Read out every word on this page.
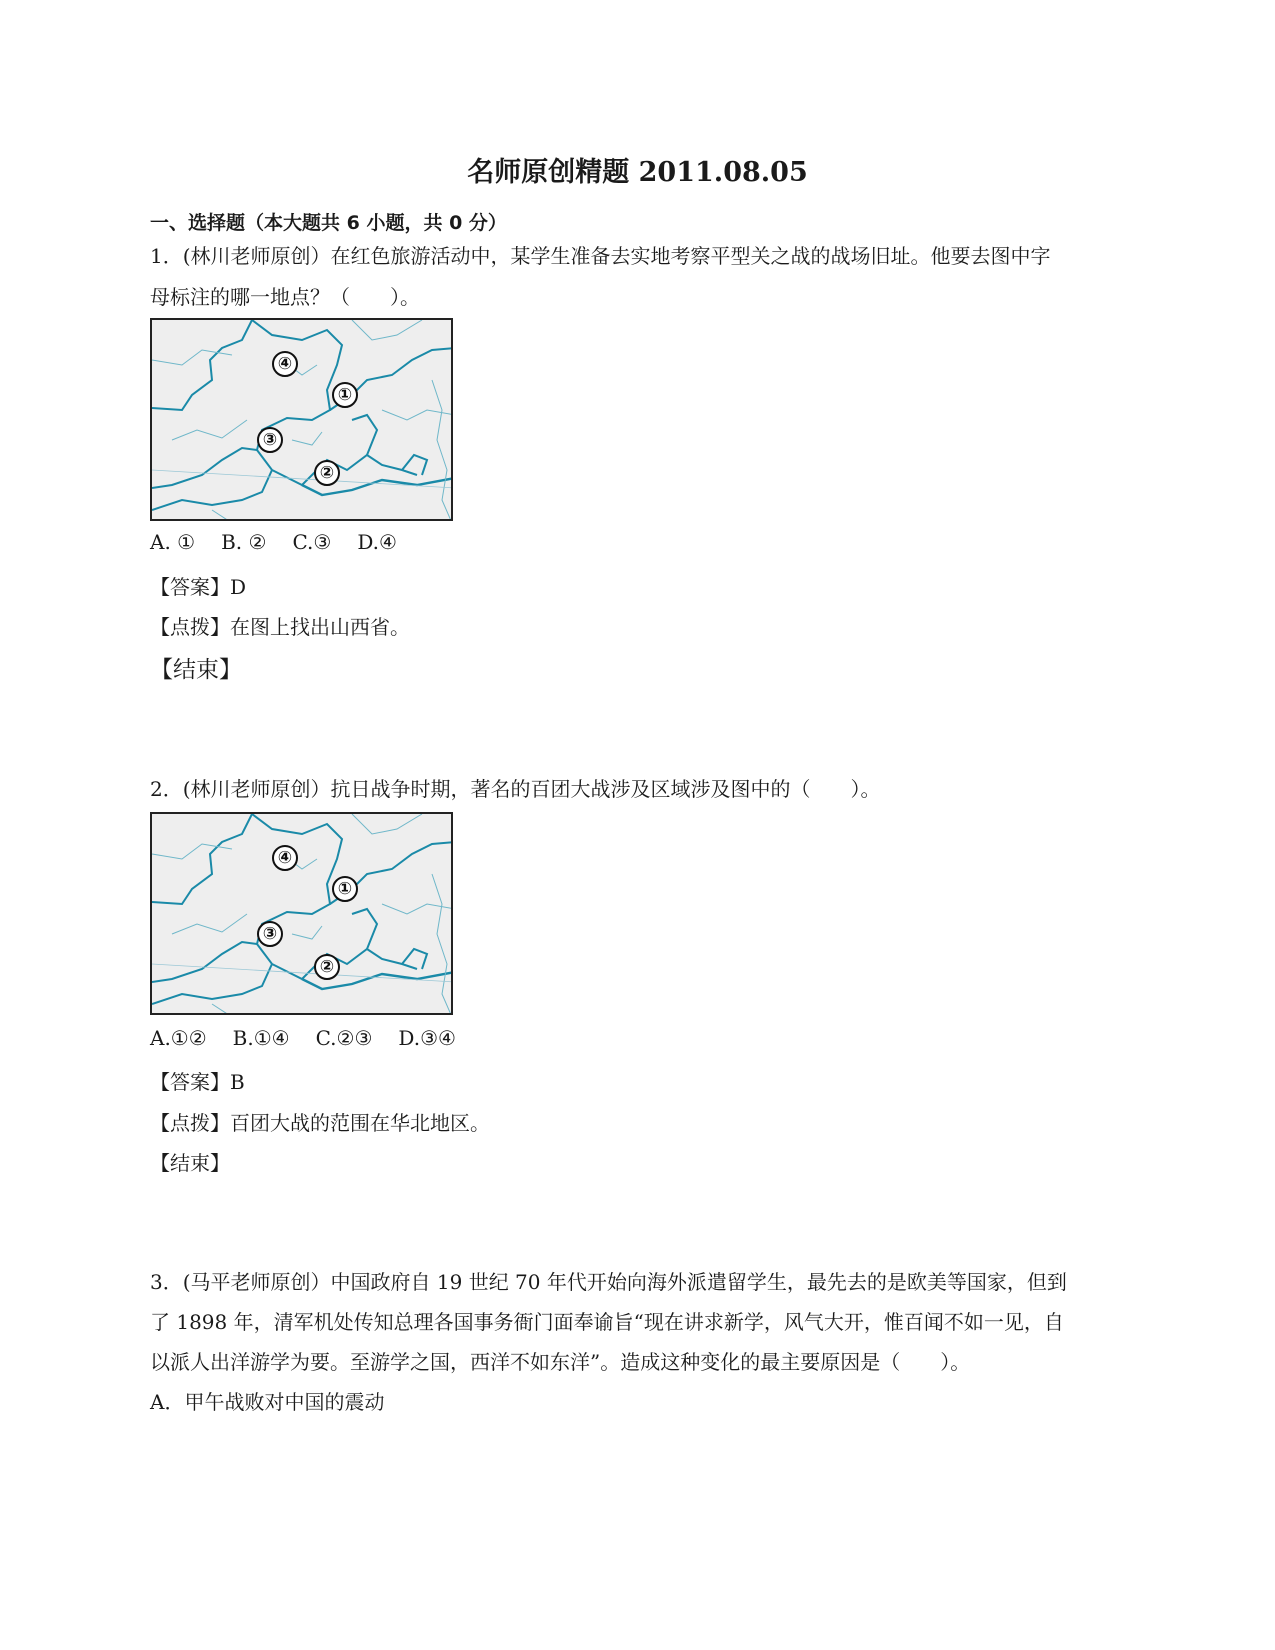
名师原创精题 2011.08.05
一、选择题（本大题共 6 小题，共 0 分）
1．(林川老师原创）在红色旅游活动中，某学生准备去实地考察平型关之战的战场旧址。他要去图中字
母标注的哪一地点？（　　）。
④
①
③
②
A. ① B. ② C.③ D.④
【答案】D
【点拨】在图上找出山西省。
【结束】
2．(林川老师原创）抗日战争时期，著名的百团大战涉及区域涉及图中的（　　）。
④
①
③
②
A.①② B.①④ C.②③ D.③④
【答案】B
【点拨】百团大战的范围在华北地区。
【结束】
3．(马平老师原创）中国政府自 19 世纪 70 年代开始向海外派遣留学生，最先去的是欧美等国家，但到
了 1898 年，清军机处传知总理各国事务衙门面奉谕旨“现在讲求新学，风气大开，惟百闻不如一见，自
以派人出洋游学为要。至游学之国，西洋不如东洋”。造成这种变化的最主要原因是（　　）。
A．甲午战败对中国的震动
